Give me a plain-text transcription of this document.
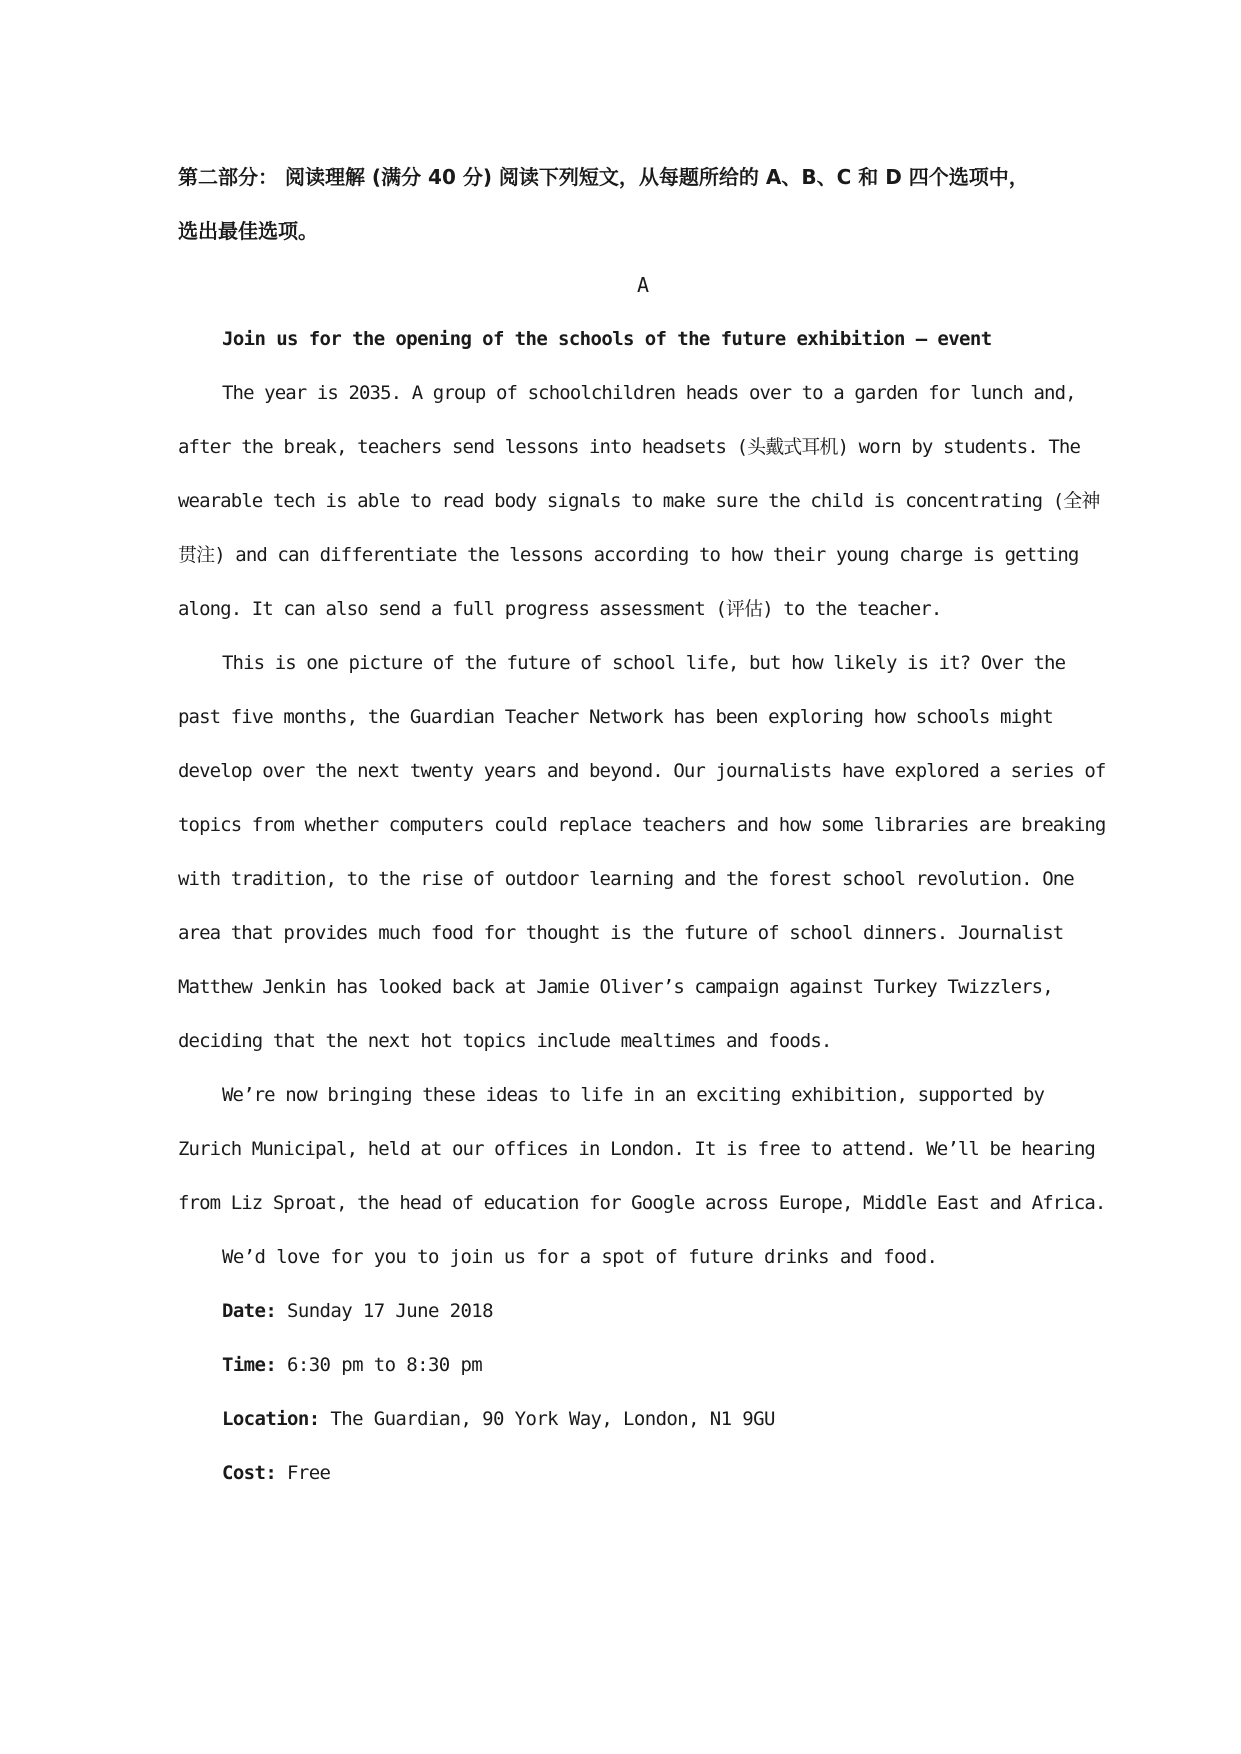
第二部分： 阅读理解 (满分 40 分) 阅读下列短文，从每题所给的 A、B、C 和 D 四个选项中，

选出最佳选项。

A

Join us for the opening of the schools of the future exhibition — event

The year is 2035. A group of schoolchildren heads over to a garden for lunch and, after the break, teachers send lessons into headsets (头戴式耳机) worn by students. The wearable tech is able to read body signals to make sure the child is concentrating (全神贯注) and can differentiate the lessons according to how their young charge is getting along. It can also send a full progress assessment (评估) to the teacher.

This is one picture of the future of school life, but how likely is it? Over the past five months, the Guardian Teacher Network has been exploring how schools might develop over the next twenty years and beyond. Our journalists have explored a series of topics from whether computers could replace teachers and how some libraries are breaking with tradition, to the rise of outdoor learning and the forest school revolution. One area that provides much food for thought is the future of school dinners. Journalist Matthew Jenkin has looked back at Jamie Oliver’s campaign against Turkey Twizzlers, deciding that the next hot topics include mealtimes and foods.

We’re now bringing these ideas to life in an exciting exhibition, supported by Zurich Municipal, held at our offices in London. It is free to attend. We’ll be hearing from Liz Sproat, the head of education for Google across Europe, Middle East and Africa.

We’d love for you to join us for a spot of future drinks and food.

Date: Sunday 17 June 2018

Time: 6:30 pm to 8:30 pm

Location: The Guardian, 90 York Way, London, N1 9GU

Cost: Free
